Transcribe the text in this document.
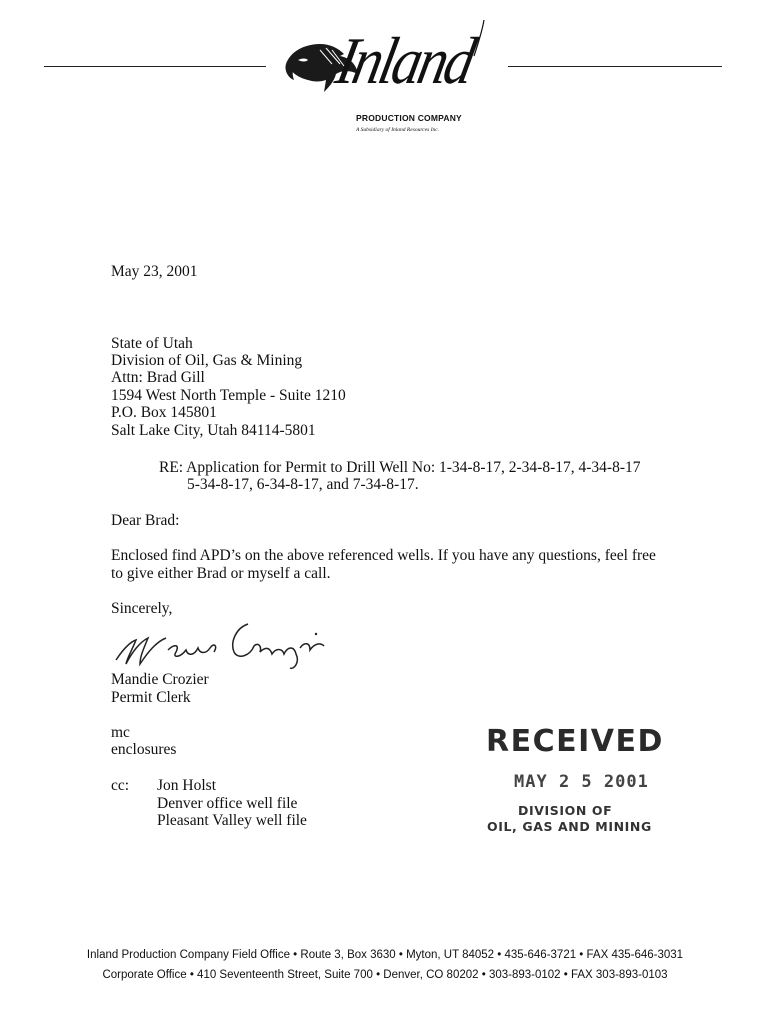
Inland
PRODUCTION COMPANY
A Subsidiary of Inland Resources Inc.
May 23, 2001
State of Utah
Division of Oil, Gas & Mining
Attn: Brad Gill
1594 West North Temple - Suite 1210
P.O. Box 145801
Salt Lake City, Utah 84114-5801
RE: Application for Permit to Drill Well No: 1-34-8-17, 2-34-8-17, 4-34-8-17
5-34-8-17, 6-34-8-17, and 7-34-8-17.
Dear Brad:
Enclosed find APD’s on the above referenced wells. If you have any questions, feel free
to give either Brad or myself a call.
Sincerely,
Mandie Crozier
Permit Clerk
mc
enclosures
cc: Jon Holst
Denver office well file
Pleasant Valley well file
RECEIVED
MAY 2 5 2001
DIVISION OF
OIL, GAS AND MINING
Inland Production Company Field Office • Route 3, Box 3630 • Myton, UT 84052 • 435-646-3721 • FAX 435-646-3031
Corporate Office • 410 Seventeenth Street, Suite 700 • Denver, CO 80202 • 303-893-0102 • FAX 303-893-0103
